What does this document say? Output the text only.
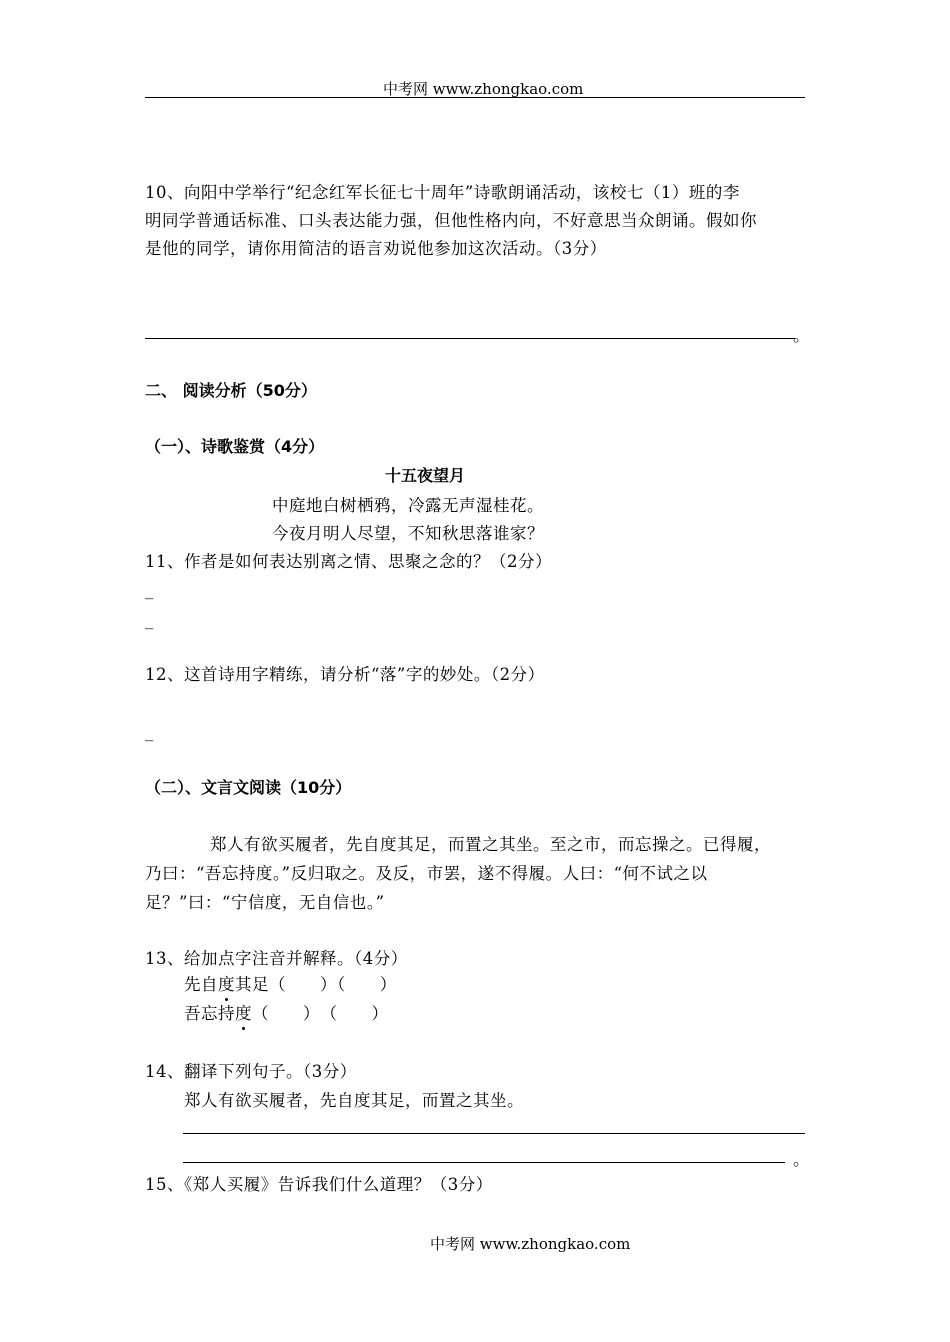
中考网 www.zhongkao.com
10、向阳中学举行“纪念红军长征七十周年”诗歌朗诵活动，该校七（1）班的李
明同学普通话标准、口头表达能力强，但他性格内向，不好意思当众朗诵。假如你
是他的同学，请你用简洁的语言劝说他参加这次活动。（3分）
。
二、 阅读分析（50分）
（一）、诗歌鉴赏（4分）
十五夜望月
中庭地白树栖鸦，冷露无声湿桂花。
今夜月明人尽望，不知秋思落谁家？
11、作者是如何表达别离之情、思聚之念的？（2分）
_
_
12、这首诗用字精练，请分析“落”字的妙处。（2分）
_
（二）、文言文阅读（10分）
郑人有欲买履者，先自度其足，而置之其坐。至之市，而忘操之。已得履，
乃曰：“吾忘持度。”反归取之。及反，市罢，遂不得履。人曰：“何不试之以
足？”曰：“宁信度，无自信也。”
13、给加点字注音并解释。（4分）
先自度其足（　　）（　　）
吾忘持度（　　）　（　　）
14、翻译下列句子。（3分）
郑人有欲买履者，先自度其足，而置之其坐。
。
15、《郑人买履》告诉我们什么道理？（3分）
中考网 www.zhongkao.com
